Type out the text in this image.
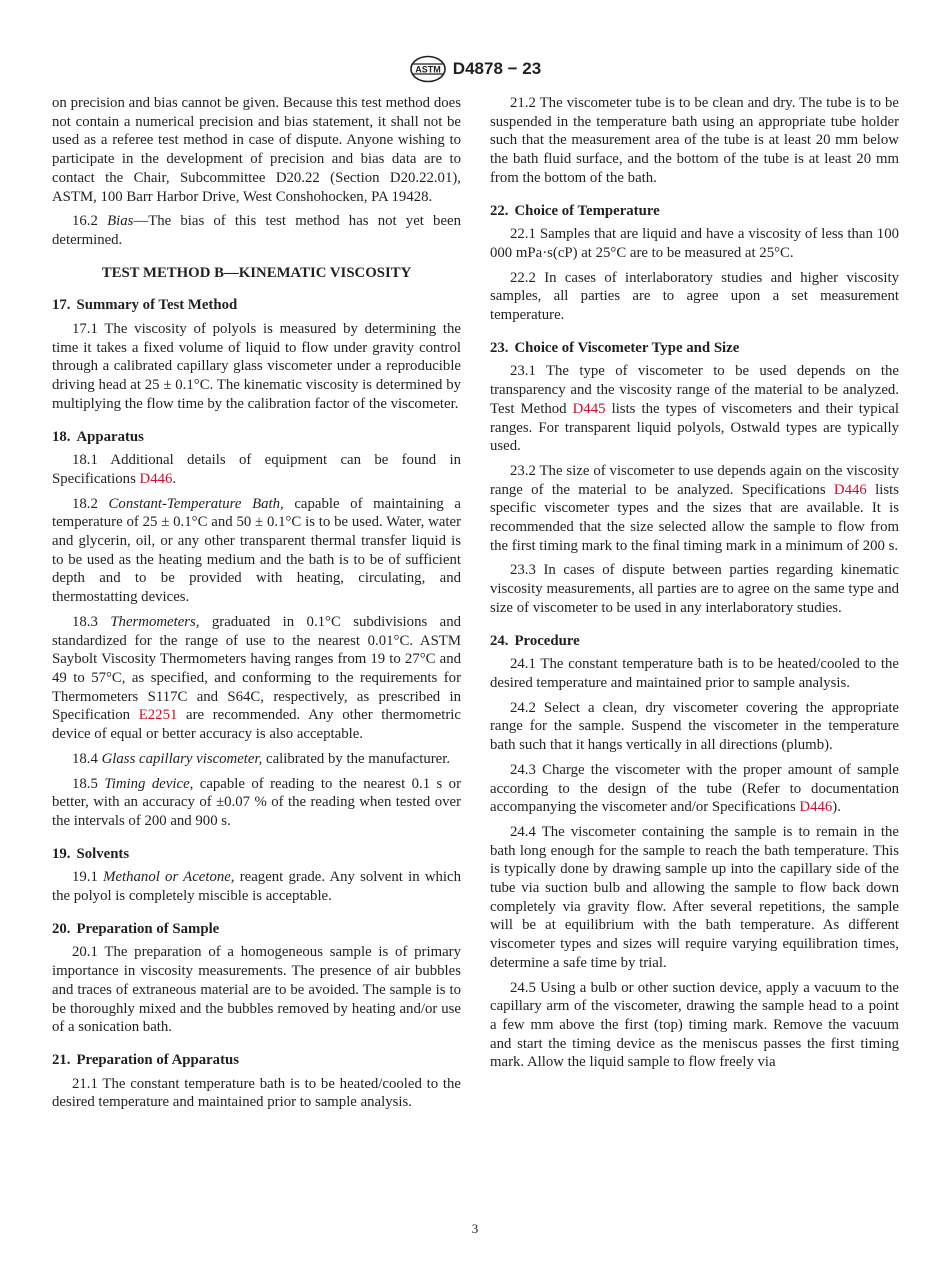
ASTM D4878 − 23

on precision and bias cannot be given. Because this test method does not contain a numerical precision and bias statement, it shall not be used as a referee test method in case of dispute. Anyone wishing to participate in the development of precision and bias data are to contact the Chair, Subcommittee D20.22 (Section D20.22.01), ASTM, 100 Barr Harbor Drive, West Conshohocken, PA 19428.

16.2 Bias—The bias of this test method has not yet been determined.

TEST METHOD B—KINEMATIC VISCOSITY
17. Summary of Test Method

17.1 The viscosity of polyols is measured by determining the time it takes a fixed volume of liquid to flow under gravity control through a calibrated capillary glass viscometer under a reproducible driving head at 25 ± 0.1°C. The kinematic viscosity is determined by multiplying the flow time by the calibration factor of the viscometer.

18. Apparatus

18.1 Additional details of equipment can be found in Specifications D446.

18.2 Constant-Temperature Bath, capable of maintaining a temperature of 25 ± 0.1°C and 50 ± 0.1°C is to be used. Water, water and glycerin, oil, or any other transparent thermal transfer liquid is to be used as the heating medium and the bath is to be of sufficient depth and to be provided with heating, circulating, and thermostatting devices.

18.3 Thermometers, graduated in 0.1°C subdivisions and standardized for the range of use to the nearest 0.01°C. ASTM Saybolt Viscosity Thermometers having ranges from 19 to 27°C and 49 to 57°C, as specified, and conforming to the requirements for Thermometers S117C and S64C, respectively, as prescribed in Specification E2251 are recommended. Any other thermometric device of equal or better accuracy is also acceptable.

18.4 Glass capillary viscometer, calibrated by the manufacturer.

18.5 Timing device, capable of reading to the nearest 0.1 s or better, with an accuracy of ±0.07 % of the reading when tested over the intervals of 200 and 900 s.

19. Solvents

19.1 Methanol or Acetone, reagent grade. Any solvent in which the polyol is completely miscible is acceptable.

20. Preparation of Sample

20.1 The preparation of a homogeneous sample is of primary importance in viscosity measurements. The presence of air bubbles and traces of extraneous material are to be avoided. The sample is to be thoroughly mixed and the bubbles removed by heating and/or use of a sonication bath.

21. Preparation of Apparatus

21.1 The constant temperature bath is to be heated/cooled to the desired temperature and maintained prior to sample analysis.

21.2 The viscometer tube is to be clean and dry. The tube is to be suspended in the temperature bath using an appropriate tube holder such that the measurement area of the tube is at least 20 mm below the bath fluid surface, and the bottom of the tube is at least 20 mm from the bottom of the bath.

22. Choice of Temperature

22.1 Samples that are liquid and have a viscosity of less than 100 000 mPa·s(cP) at 25°C are to be measured at 25°C.

22.2 In cases of interlaboratory studies and higher viscosity samples, all parties are to agree upon a set measurement temperature.

23. Choice of Viscometer Type and Size

23.1 The type of viscometer to be used depends on the transparency and the viscosity range of the material to be analyzed. Test Method D445 lists the types of viscometers and their typical ranges. For transparent liquid polyols, Ostwald types are typically used.

23.2 The size of viscometer to use depends again on the viscosity range of the material to be analyzed. Specifications D446 lists specific viscometer types and the sizes that are available. It is recommended that the size selected allow the sample to flow from the first timing mark to the final timing mark in a minimum of 200 s.

23.3 In cases of dispute between parties regarding kinematic viscosity measurements, all parties are to agree on the same type and size of viscometer to be used in any interlaboratory studies.

24. Procedure

24.1 The constant temperature bath is to be heated/cooled to the desired temperature and maintained prior to sample analysis.

24.2 Select a clean, dry viscometer covering the appropriate range for the sample. Suspend the viscometer in the temperature bath such that it hangs vertically in all directions (plumb).

24.3 Charge the viscometer with the proper amount of sample according to the design of the tube (Refer to documentation accompanying the viscometer and/or Specifications D446).

24.4 The viscometer containing the sample is to remain in the bath long enough for the sample to reach the bath temperature. This is typically done by drawing sample up into the capillary side of the tube via suction bulb and allowing the sample to flow back down completely via gravity flow. After several repetitions, the sample will be at equilibrium with the bath temperature. As different viscometer types and sizes will require varying equilibration times, determine a safe time by trial.

24.5 Using a bulb or other suction device, apply a vacuum to the capillary arm of the viscometer, drawing the sample head to a point a few mm above the first (top) timing mark. Remove the vacuum and start the timing device as the meniscus passes the first timing mark. Allow the liquid sample to flow freely via

3
